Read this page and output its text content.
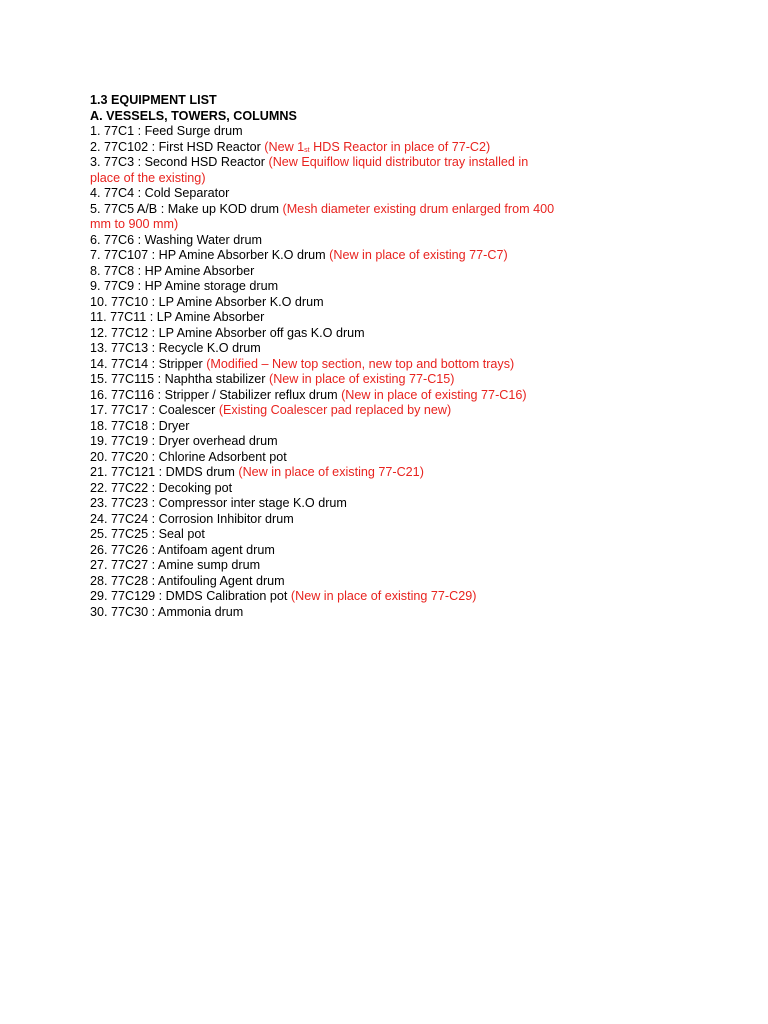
1.3 EQUIPMENT LIST

A. VESSELS, TOWERS, COLUMNS

1. 77C1 : Feed Surge drum
2. 77C102 : First HSD Reactor (New $1_{st}$ HDS Reactor in place of 77-C2)
3. 77C3 : Second HSD Reactor (New Equiflow liquid distributor tray installed in place of the existing)
4. 77C4 : Cold Separator
5. 77C5 A/B : Make up KOD drum (Mesh diameter existing drum enlarged from 400 mm to 900 mm)
6. 77C6 : Washing Water drum
7. 77C107 : HP Amine Absorber K.O drum (New in place of existing 77-C7)
8. 77C8 : HP Amine Absorber
9. 77C9 : HP Amine storage drum
10. 77C10 : LP Amine Absorber K.O drum
11. 77C11 : LP Amine Absorber
12. 77C12 : LP Amine Absorber off gas K.O drum
13. 77C13 : Recycle K.O drum
14. 77C14 : Stripper (Modified – New top section, new top and bottom trays)
15. 77C115 : Naphtha stabilizer (New in place of existing 77-C15)
16. 77C116 : Stripper / Stabilizer reflux drum (New in place of existing 77-C16)
17. 77C17 : Coalescer (Existing Coalescer pad replaced by new)
18. 77C18 : Dryer
19. 77C19 : Dryer overhead drum
20. 77C20 : Chlorine Adsorbent pot
21. 77C121 : DMDS drum (New in place of existing 77-C21)
22. 77C22 : Decoking pot
23. 77C23 : Compressor inter stage K.O drum
24. 77C24 : Corrosion Inhibitor drum
25. 77C25 : Seal pot
26. 77C26 : Antifoam agent drum
27. 77C27 : Amine sump drum
28. 77C28 : Antifouling Agent drum
29. 77C129 : DMDS Calibration pot (New in place of existing 77-C29)
30. 77C30 : Ammonia drum
